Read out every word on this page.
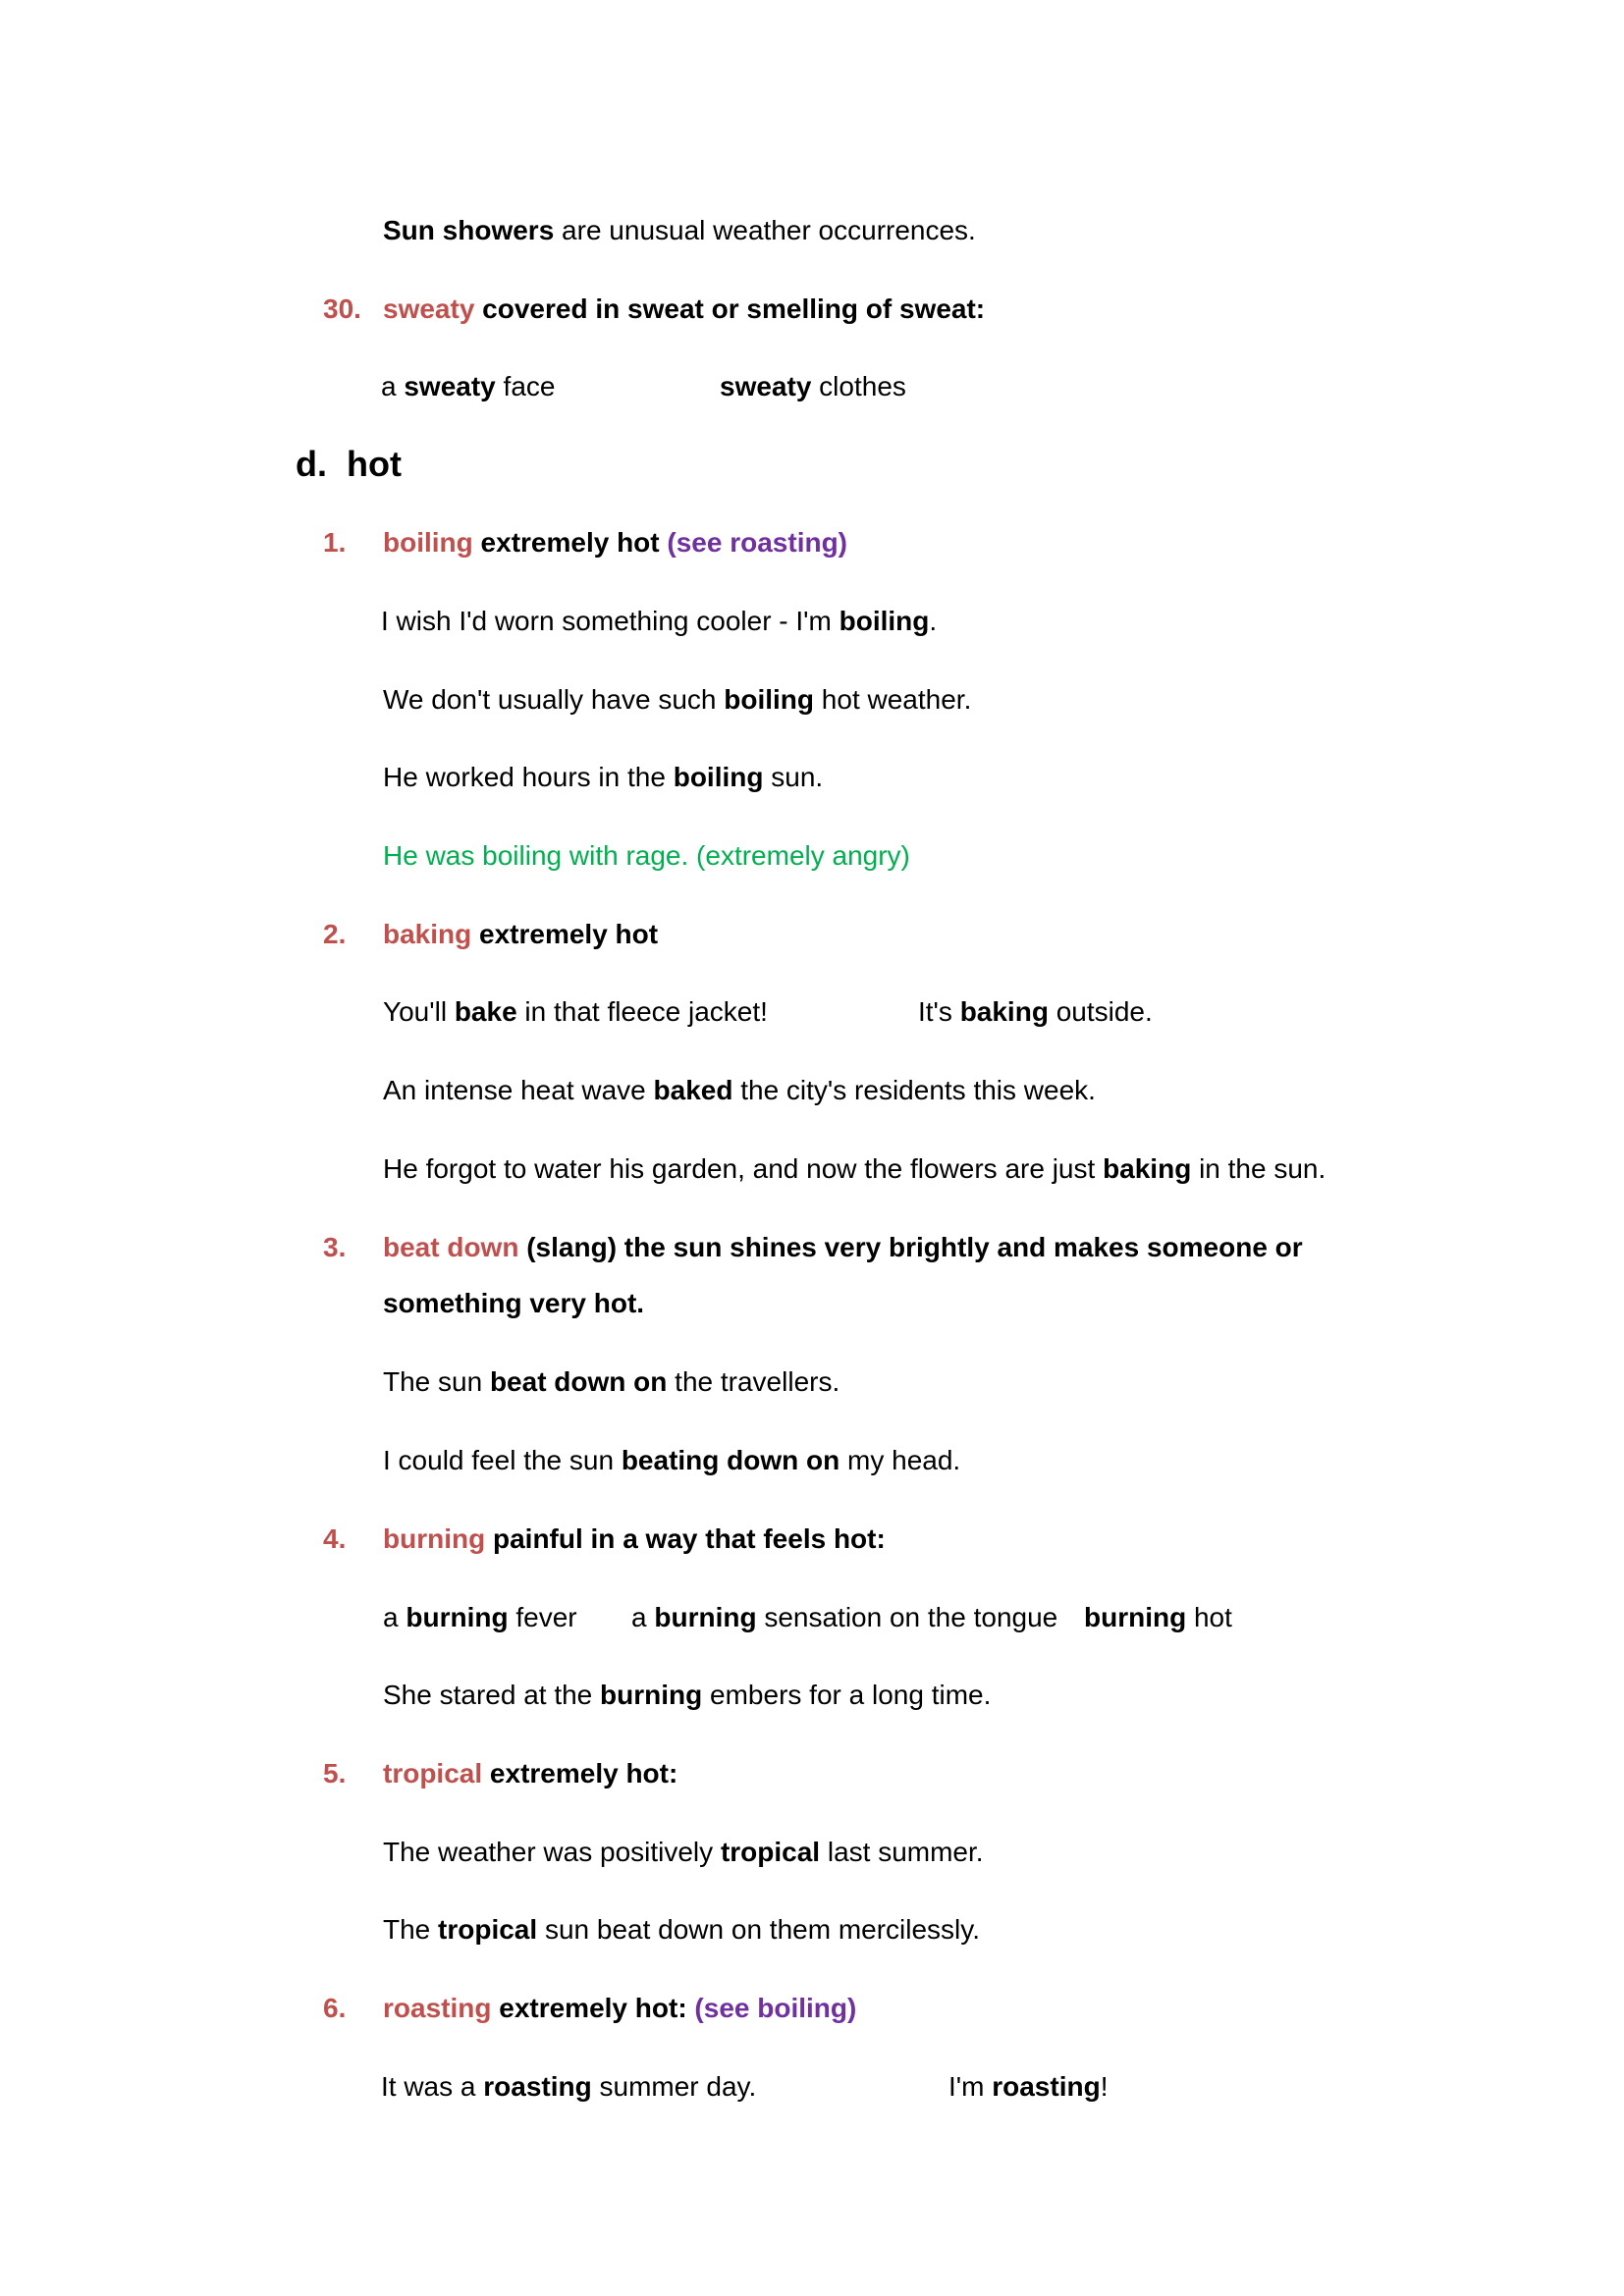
Sun showers are unusual weather occurrences.
30. sweaty covered in sweat or smelling of sweat:
a sweaty face	sweaty clothes
d. hot
1. boiling extremely hot (see roasting)
I wish I'd worn something cooler - I'm boiling.
We don't usually have such boiling hot weather.
He worked hours in the boiling sun.
He was boiling with rage. (extremely angry)
2. baking extremely hot
You'll bake in that fleece jacket!	It's baking outside.
An intense heat wave baked the city's residents this week.
He forgot to water his garden, and now the flowers are just baking in the sun.
3. beat down (slang) the sun shines very brightly and makes someone or
something very hot.
The sun beat down on the travellers.
I could feel the sun beating down on my head.
4. burning painful in a way that feels hot:
a burning fever a burning sensation on the tongue burning hot
She stared at the burning embers for a long time.
5. tropical extremely hot:
The weather was positively tropical last summer.
The tropical sun beat down on them mercilessly.
6. roasting extremely hot: (see boiling)
It was a roasting summer day.	I'm roasting!
